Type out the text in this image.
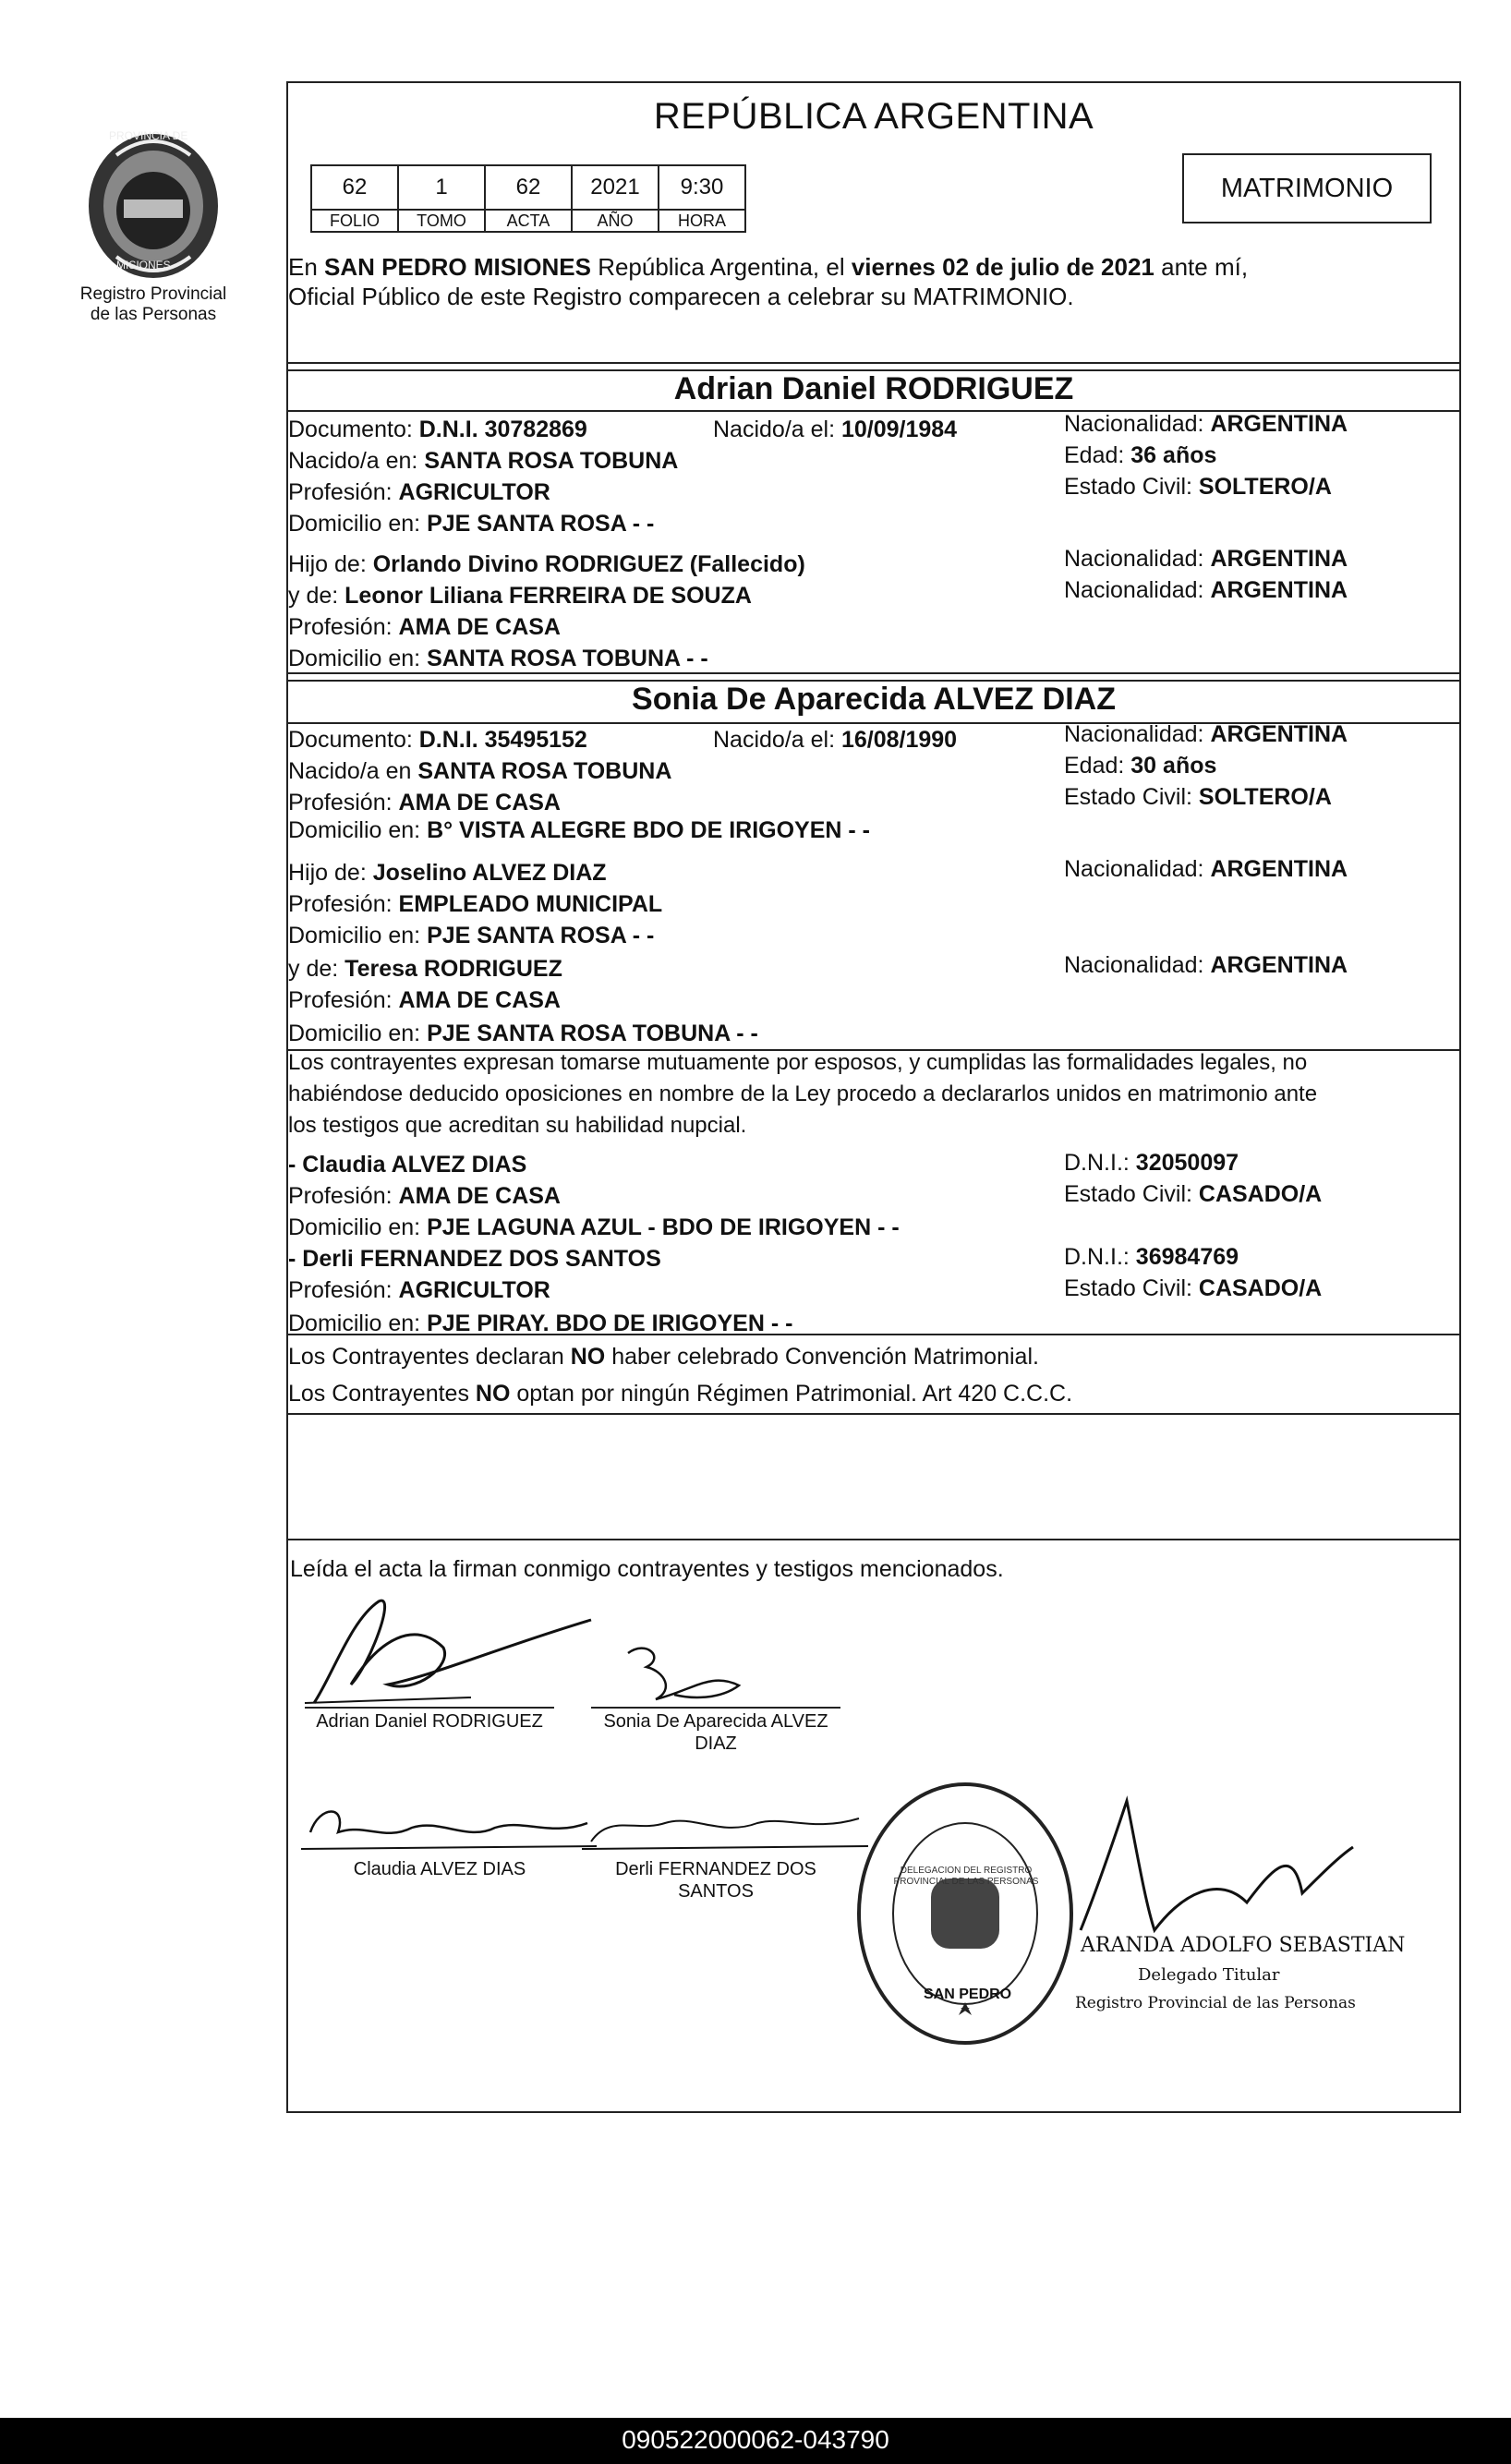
Registro Provincial
de las Personas
PROVINCIA DE
MISIONES
REPÚBLICA ARGENTINA
62	1	62	2021	9:30
FOLIO	TOMO	ACTA	AÑO	HORA
MATRIMONIO
En SAN PEDRO MISIONES República Argentina, el viernes 02 de julio de 2021 ante mí,
Oficial Público de este Registro comparecen a celebrar su MATRIMONIO.
Adrian Daniel RODRIGUEZ
Documento: D.N.I. 30782869	Nacido/a el: 10/09/1984	Nacionalidad: ARGENTINA
Nacido/a en: SANTA ROSA TOBUNA	Edad: 36 años
Profesión: AGRICULTOR	Estado Civil: SOLTERO/A
Domicilio en: PJE SANTA ROSA - -
Hijo de: Orlando Divino RODRIGUEZ (Fallecido)	Nacionalidad: ARGENTINA
y de: Leonor Liliana FERREIRA DE SOUZA	Nacionalidad: ARGENTINA
Profesión: AMA DE CASA
Domicilio en: SANTA ROSA TOBUNA - -
Sonia De Aparecida ALVEZ DIAZ
Documento: D.N.I. 35495152	Nacido/a el: 16/08/1990	Nacionalidad: ARGENTINA
Nacido/a en SANTA ROSA TOBUNA	Edad: 30 años
Profesión: AMA DE CASA	Estado Civil: SOLTERO/A
Domicilio en: B° VISTA ALEGRE BDO DE IRIGOYEN - -
Hijo de: Joselino ALVEZ DIAZ	Nacionalidad: ARGENTINA
Profesión: EMPLEADO MUNICIPAL
Domicilio en: PJE SANTA ROSA - -
y de: Teresa RODRIGUEZ	Nacionalidad: ARGENTINA
Profesión: AMA DE CASA
Domicilio en: PJE SANTA ROSA TOBUNA - -
Los contrayentes expresan tomarse mutuamente por esposos, y cumplidas las formalidades legales, no
habiéndose deducido oposiciones en nombre de la Ley procedo a declararlos unidos en matrimonio ante
los testigos que acreditan su habilidad nupcial.
- Claudia ALVEZ DIAS	D.N.I.: 32050097
Profesión: AMA DE CASA	Estado Civil: CASADO/A
Domicilio en: PJE LAGUNA AZUL - BDO DE IRIGOYEN - -
- Derli FERNANDEZ DOS SANTOS	D.N.I.: 36984769
Profesión: AGRICULTOR	Estado Civil: CASADO/A
Domicilio en: PJE PIRAY. BDO DE IRIGOYEN - -
Los Contrayentes declaran NO haber celebrado Convención Matrimonial.
Los Contrayentes NO optan por ningún Régimen Patrimonial. Art 420 C.C.C.
Leída el acta la firman conmigo contrayentes y testigos mencionados.
Adrian Daniel RODRIGUEZ	Sonia De Aparecida ALVEZ
DIAZ
Claudia ALVEZ DIAS	Derli FERNANDEZ DOS
SANTOS
DELEGACION DEL REGISTRO PROVINCIAL DE LAS PERSONAS
SAN PEDRO
ARANDA ADOLFO SEBASTIAN
Delegado Titular
Registro Provincial de las Personas
090522000062-043790
